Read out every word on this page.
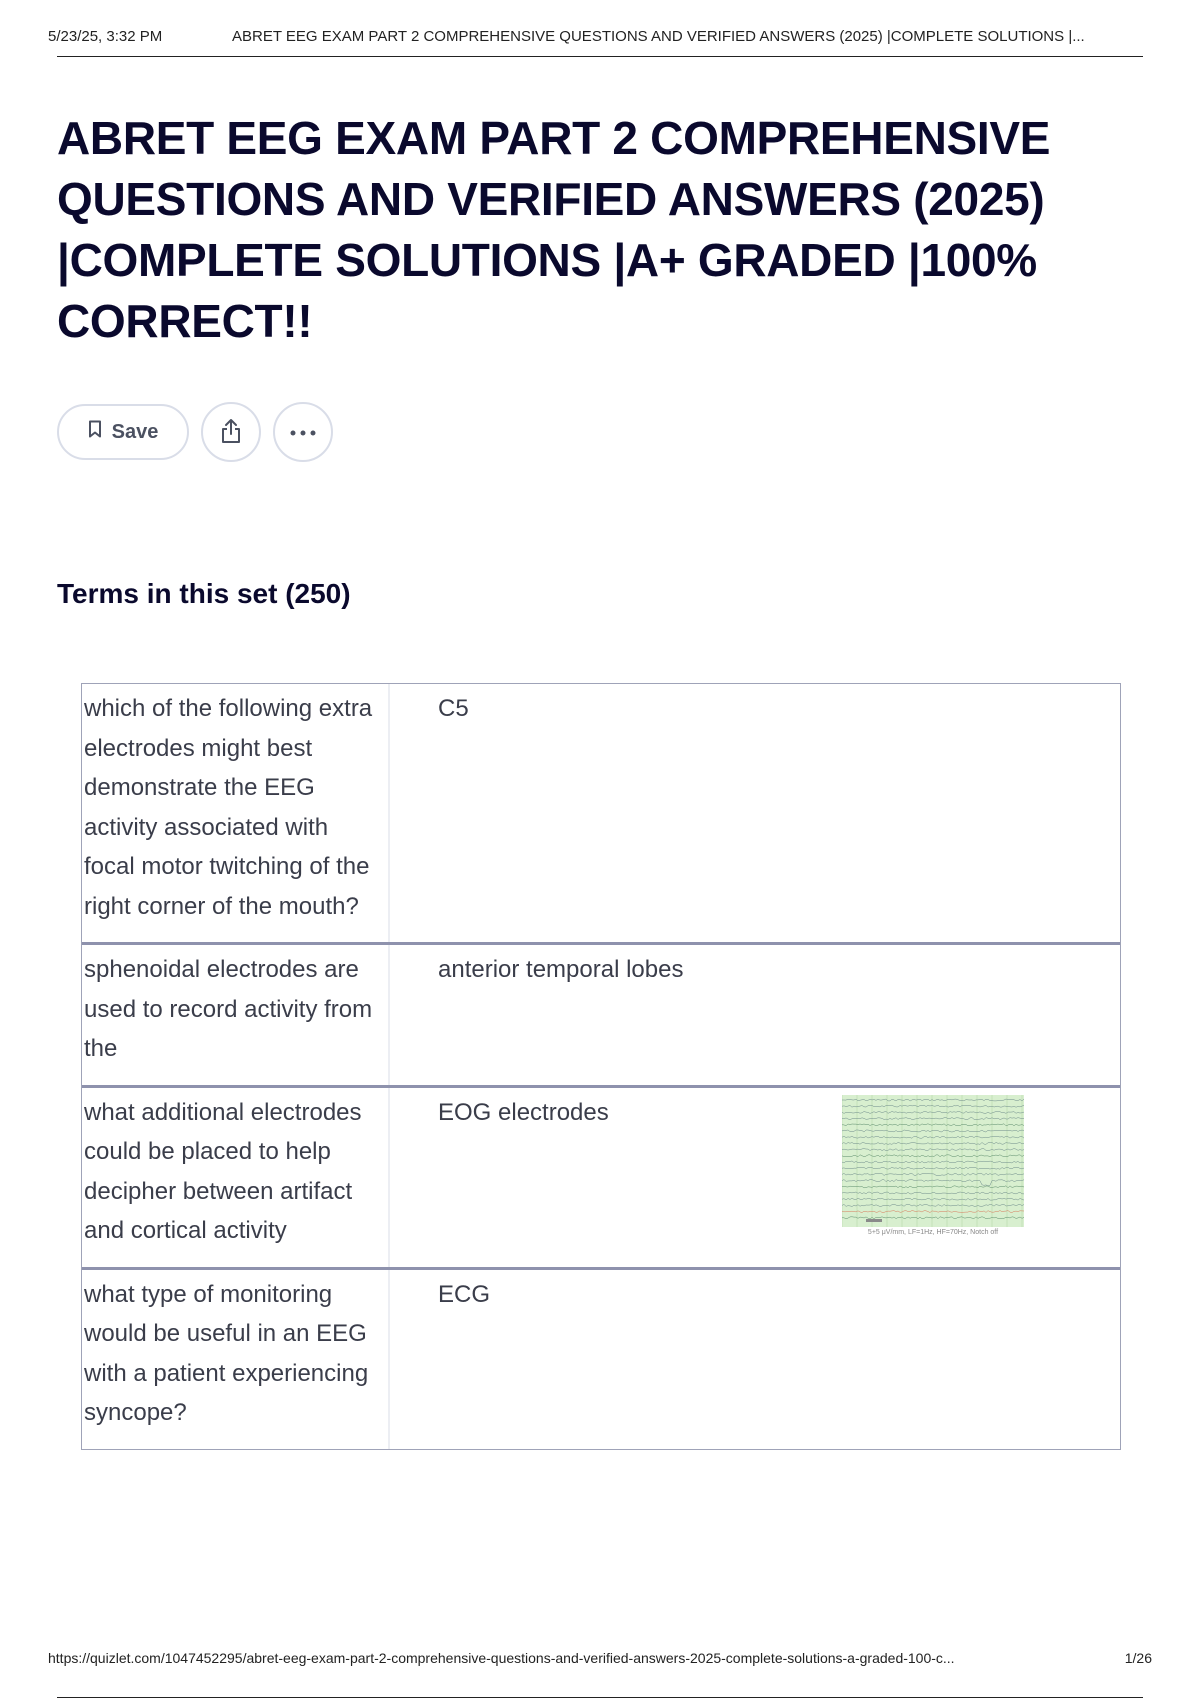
5/23/25, 3:32 PM	ABRET EEG EXAM PART 2 COMPREHENSIVE QUESTIONS AND VERIFIED ANSWERS (2025) |COMPLETE SOLUTIONS |...
ABRET EEG EXAM PART 2 COMPREHENSIVE QUESTIONS AND VERIFIED ANSWERS (2025) |COMPLETE SOLUTIONS |A+ GRADED |100% CORRECT!!
Save
Terms in this set (250)
which of the following extra electrodes might best demonstrate the EEG activity associated with focal motor twitching of the right corner of the mouth?
C5
sphenoidal electrodes are used to record activity from the
anterior temporal lobes
what additional electrodes could be placed to help decipher between artifact and cortical activity
EOG electrodes
5+5 μV/mm, LF=1Hz, HF=70Hz, Notch off
what type of monitoring would be useful in an EEG with a patient experiencing syncope?
ECG
https://quizlet.com/1047452295/abret-eeg-exam-part-2-comprehensive-questions-and-verified-answers-2025-complete-solutions-a-graded-100-c...	1/26
